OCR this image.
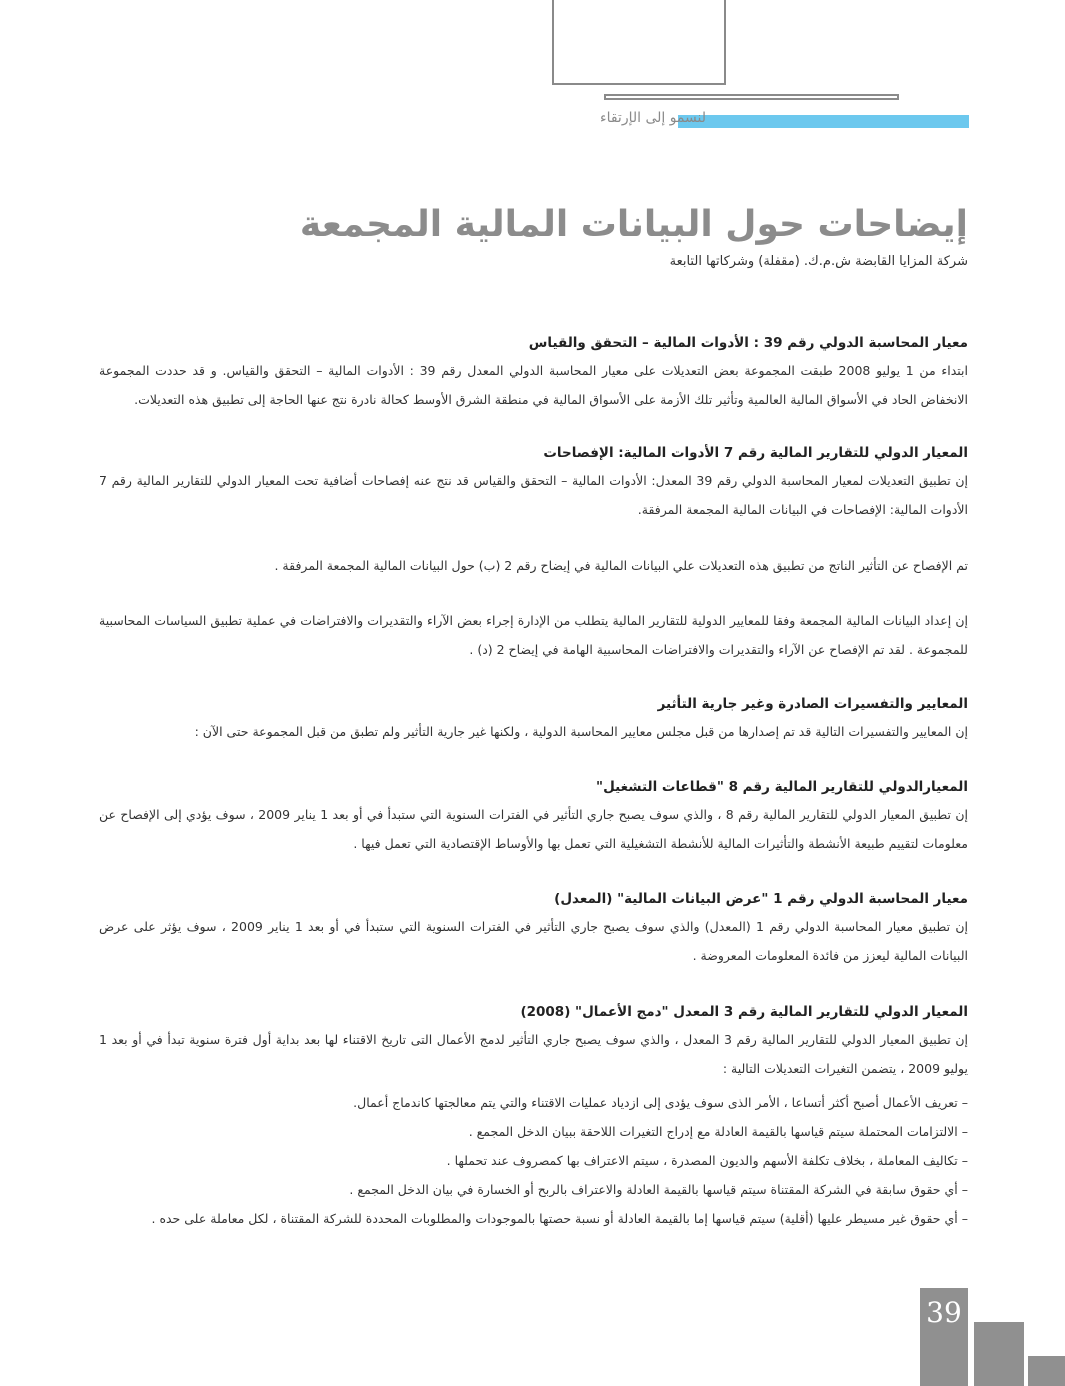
لنسمو إلى الإرتقاء
إيضاحات حول البيانات المالية المجمعة
شركة المزايا القابضة ش.م.ك. (مقفلة) وشركاتها التابعة
معيار المحاسبة الدولي رقم 39 : الأدوات المالية – التحقق والقياس
ابتداء من 1 يوليو 2008 طبقت المجموعة بعض التعديلات على معيار المحاسبة الدولي المعدل رقم 39 : الأدوات المالية – التحقق والقياس. و قد حددت المجموعة الانخفاض الحاد في الأسواق المالية العالمية وتأثير تلك الأزمة على الأسواق المالية في منطقة الشرق الأوسط كحالة نادرة نتج عنها الحاجة إلى تطبيق هذه التعديلات.
المعيار الدولي للتقارير المالية رقم 7 الأدوات المالية: الإفصاحات
إن تطبيق التعديلات لمعيار المحاسبة الدولي رقم 39 المعدل: الأدوات المالية – التحقق والقياس قد نتج عنه إفصاحات أضافية تحت المعيار الدولي للتقارير المالية رقم 7 الأدوات المالية: الإفصاحات في البيانات المالية المجمعة المرفقة.
تم الإفصاح عن التأثير الناتج من تطبيق هذه التعديلات علي البيانات المالية في إيضاح رقم 2 (ب) حول البيانات المالية المجمعة المرفقة .
إن إعداد البيانات المالية المجمعة وفقا للمعايير الدولية للتقارير المالية يتطلب من الإدارة إجراء بعض الآراء والتقديرات والافتراضات في عملية تطبيق السياسات المحاسبية للمجموعة . لقد تم الإفصاح عن الآراء والتقديرات والافتراضات المحاسبية الهامة في إيضاح 2 (د) .
المعايير والتفسيرات الصادرة وغير جارية التأثير
إن المعايير والتفسيرات التالية قد تم إصدارها من قبل مجلس معايير المحاسبة الدولية ، ولكنها غير جارية التأثير ولم تطبق من قبل المجموعة حتى الآن :
المعيارالدولي للتقارير المالية رقم 8 "قطاعات التشغيل"
إن تطبيق المعيار الدولي للتقارير المالية رقم 8 ، والذي سوف يصبح جاري التأثير في الفترات السنوية التي ستبدأ في أو بعد 1 يناير 2009 ، سوف يؤدي إلى الإفصاح عن معلومات لتقييم طبيعة الأنشطة والتأثيرات المالية للأنشطة التشغيلية التي تعمل بها والأوساط الإقتصادية التي تعمل فيها .
معيار المحاسبة الدولي رقم 1 "عرض البيانات المالية" (المعدل)
إن تطبيق معيار المحاسبة الدولي رقم 1 (المعدل) والذي سوف يصبح جاري التأثير في الفترات السنوية التي ستبدأ في أو بعد 1 يناير 2009 ، سوف يؤثر على عرض البيانات المالية ليعزز من فائدة المعلومات المعروضة .
المعيار الدولي للتقارير المالية رقم 3 المعدل "دمج الأعمال" (2008)
إن تطبيق المعيار الدولي للتقارير المالية رقم 3 المعدل ، والذي سوف يصبح جاري التأثير لدمج الأعمال التى تاريخ الاقتناء لها بعد بداية أول فترة سنوية تبدأ في أو بعد 1 يوليو 2009 ، يتضمن التغيرات التعديلات التالية :
– تعريف الأعمال أصبح أكثر أتساعا ، الأمر الذى سوف يؤدى إلى ازدياد عمليات الاقتناء والتي يتم معالجتها كاندماج أعمال.
– الالتزامات المحتملة سيتم قياسها بالقيمة العادلة مع إدراج التغيرات اللاحقة ببيان الدخل المجمع .
– تكاليف المعاملة ، بخلاف تكلفة الأسهم والديون المصدرة ، سيتم الاعتراف بها كمصروف عند تحملها .
– أي حقوق سابقة في الشركة المقتناة سيتم قياسها بالقيمة العادلة والاعتراف بالربح أو الخسارة في بيان الدخل المجمع .
– أي حقوق غير مسيطر عليها (أقلية) سيتم قياسها إما بالقيمة العادلة أو نسبة حصتها بالموجودات والمطلوبات المحددة للشركة المقتناة ، لكل معاملة على حده .
39
